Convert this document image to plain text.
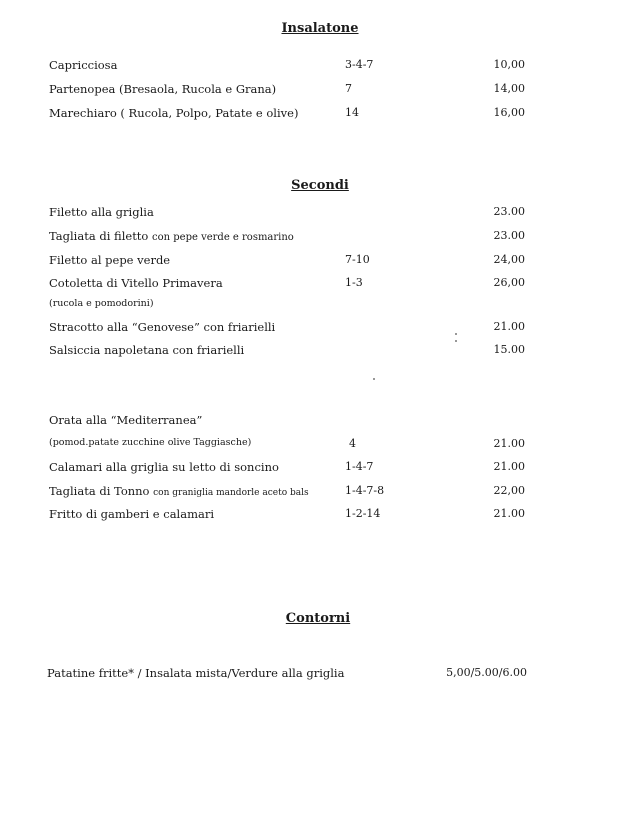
Insalatone
Capricciosa	3-4-7	10,00
Partenopea (Bresaola, Rucola e Grana)	7	14,00
Marechiaro ( Rucola, Polpo, Patate e olive)	14	16,00
Secondi
Filetto alla griglia	23.00
Tagliata di filetto con pepe verde e rosmarino	23.00
Filetto al pepe verde	7-10	24,00
Cotoletta di Vitello Primavera	1-3	26,00
(rucola e pomodorini)
Stracotto alla “Genovese” con friarielli	21.00
Salsiccia napoletana con friarielli	15.00
Orata alla “Mediterranea”
(pomod.patate zucchine olive Taggiasche)	4	21.00
Calamari alla griglia su letto di soncino	1-4-7	21.00
Tagliata di Tonno con granigliа mandorle aceto bals	1-4-7-8	22,00
Fritto di gamberi e calamari	1-2-14	21.00
Contorni
Patatine fritte* / Insalata mista/Verdure alla griglia	5,00/5.00/6.00
